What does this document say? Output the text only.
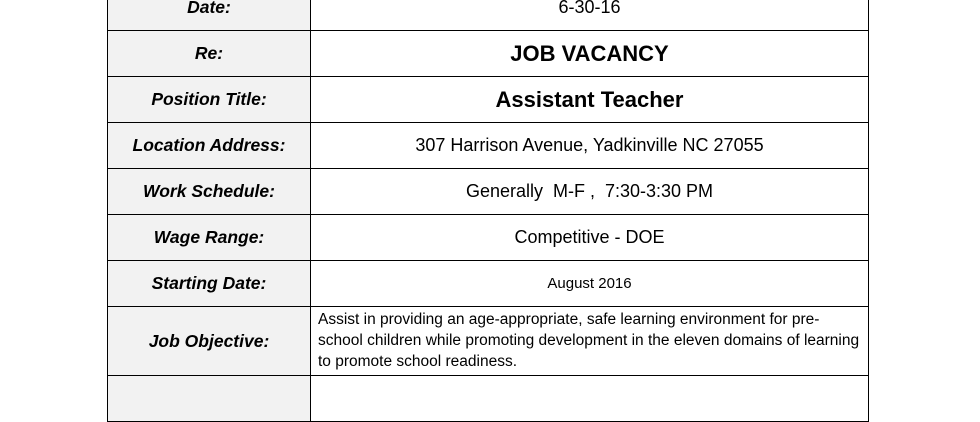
Date:	6-30-16
Re:	JOB VACANCY
Position Title:	Assistant Teacher
Location Address:	307 Harrison Avenue, Yadkinville NC 27055
Work Schedule:	Generally  M-F ,  7:30-3:30 PM
Wage Range:	Competitive - DOE
Starting Date:	August 2016
Job Objective:	Assist in providing an age-appropriate, safe learning environment for pre-school children while promoting development in the eleven domains of learning to promote school readiness.
